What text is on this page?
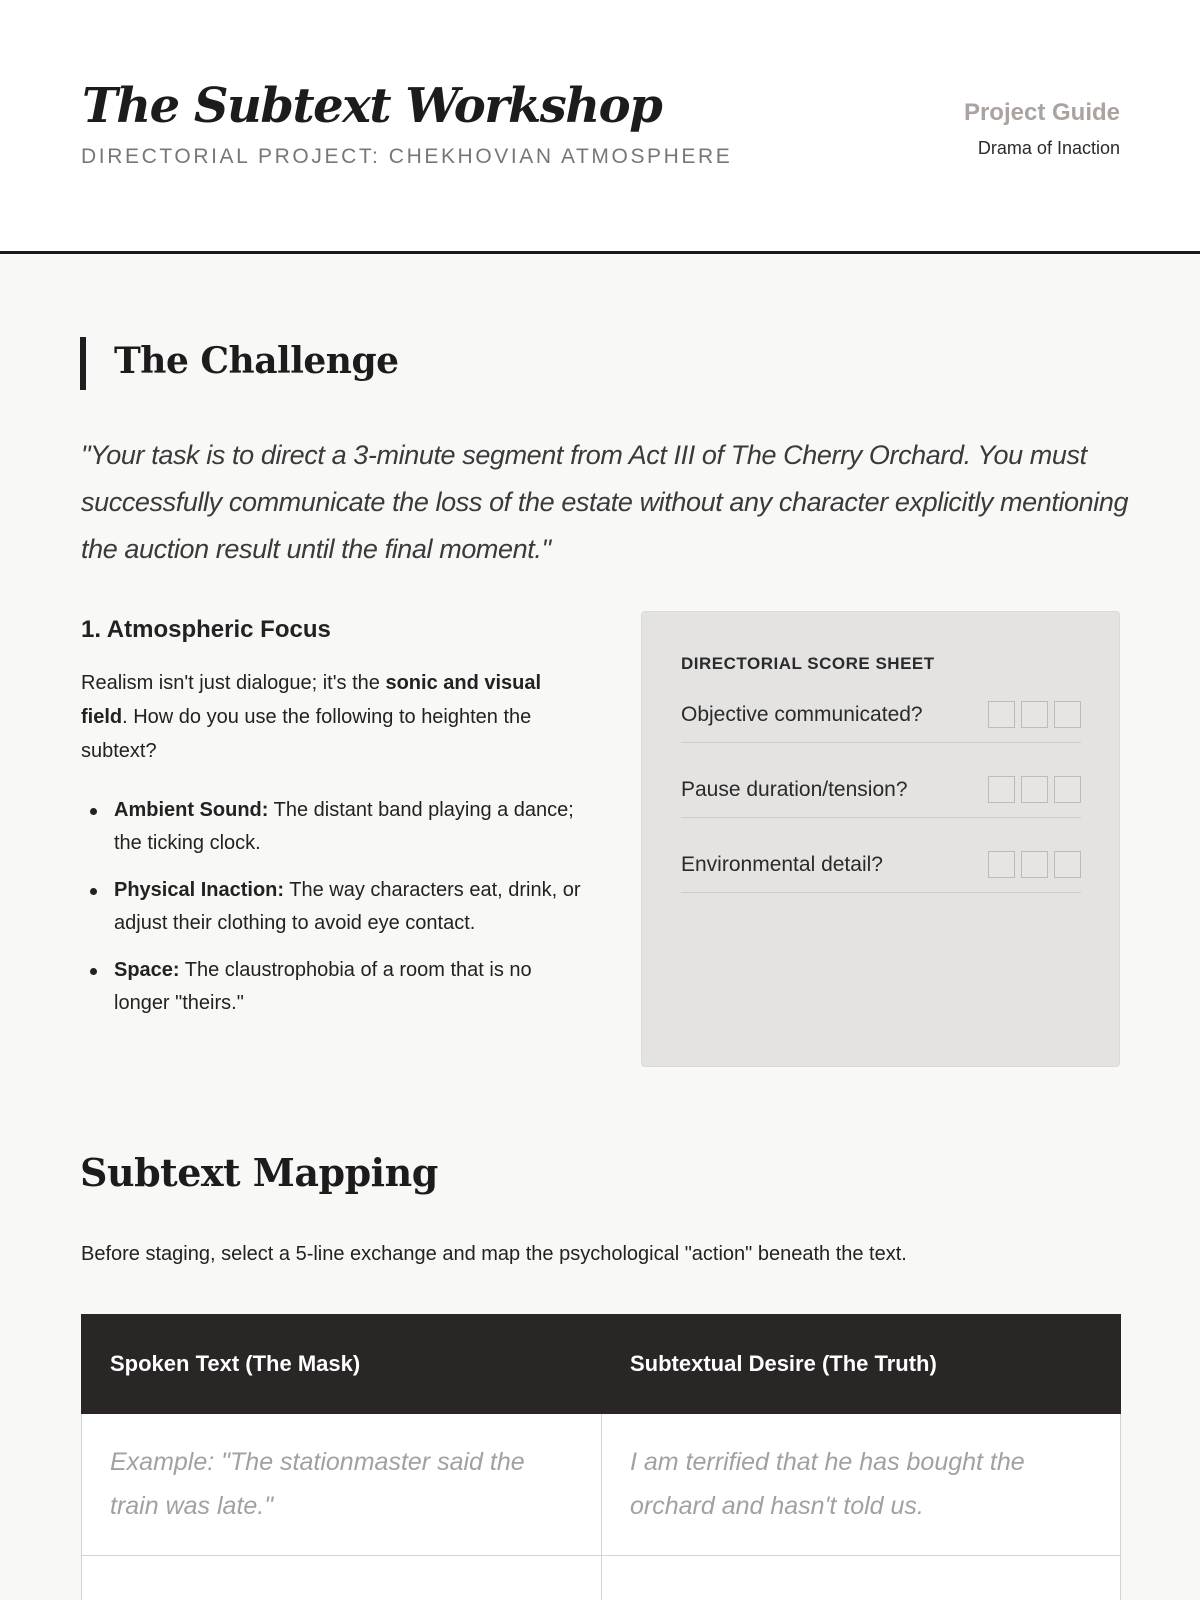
The Subtext Workshop
DIRECTORIAL PROJECT: CHEKHOVIAN ATMOSPHERE
Project Guide
Drama of Inaction
The Challenge

"Your task is to direct a 3-minute segment from Act III of The Cherry Orchard. You must successfully communicate the loss of the estate without any character explicitly mentioning the auction result until the final moment."

1. Atmospheric Focus

Realism isn't just dialogue; it's the sonic and visual field. How do you use the following to heighten the subtext?

Ambient Sound: The distant band playing a dance; the ticking clock.
Physical Inaction: The way characters eat, drink, or adjust their clothing to avoid eye contact.
Space: The claustrophobia of a room that is no longer "theirs."
DIRECTORIAL SCORE SHEET
Objective communicated?
Pause duration/tension?
Environmental detail?
Subtext Mapping

Before staging, select a 5-line exchange and map the psychological "action" beneath the text.

Spoken Text (The Mask)	Subtextual Desire (The Truth)
Example: "The stationmaster said the train was late."	I am terrified that he has bought the orchard and hasn't told us.
